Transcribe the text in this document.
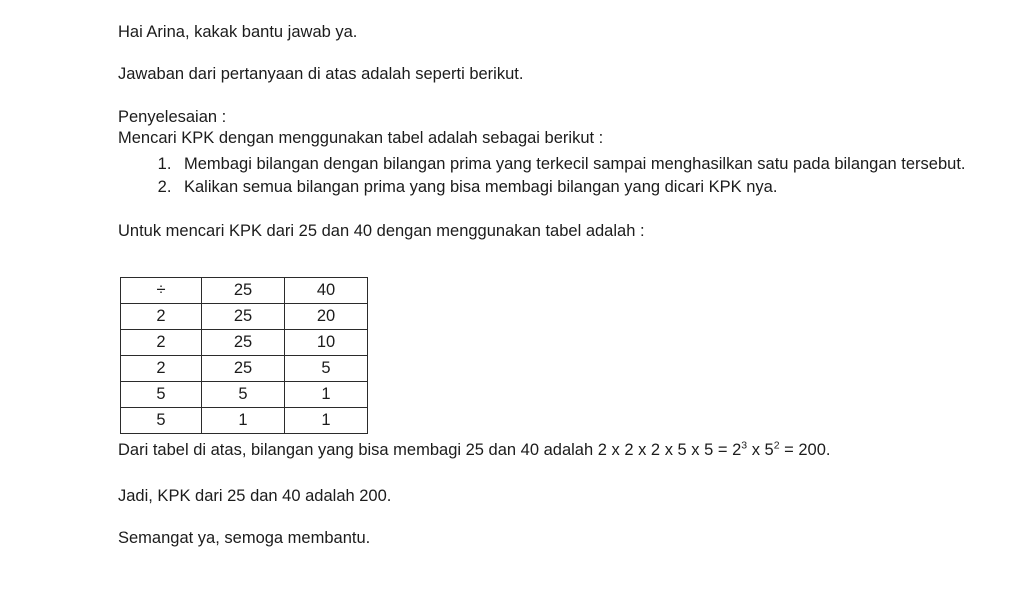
Hai Arina, kakak bantu jawab ya.

Jawaban dari pertanyaan di atas adalah seperti berikut.

Penyelesaian :

Mencari KPK dengan menggunakan tabel adalah sebagai berikut :

1. Membagi bilangan dengan bilangan prima yang terkecil sampai menghasilkan satu pada bilangan tersebut.
2. Kalikan semua bilangan prima yang bisa membagi bilangan yang dicari KPK nya.

Untuk mencari KPK dari 25 dan 40 dengan menggunakan tabel adalah :

÷	25	40
2	25	20
2	25	10
2	25	5
5	5	1
5	1	1

Dari tabel di atas, bilangan yang bisa membagi 25 dan 40 adalah 2 x 2 x 2 x 5 x $5 = 2^3$ x $5^2 = 200$.

Jadi, KPK dari 25 dan 40 adalah 200.

Semangat ya, semoga membantu.
